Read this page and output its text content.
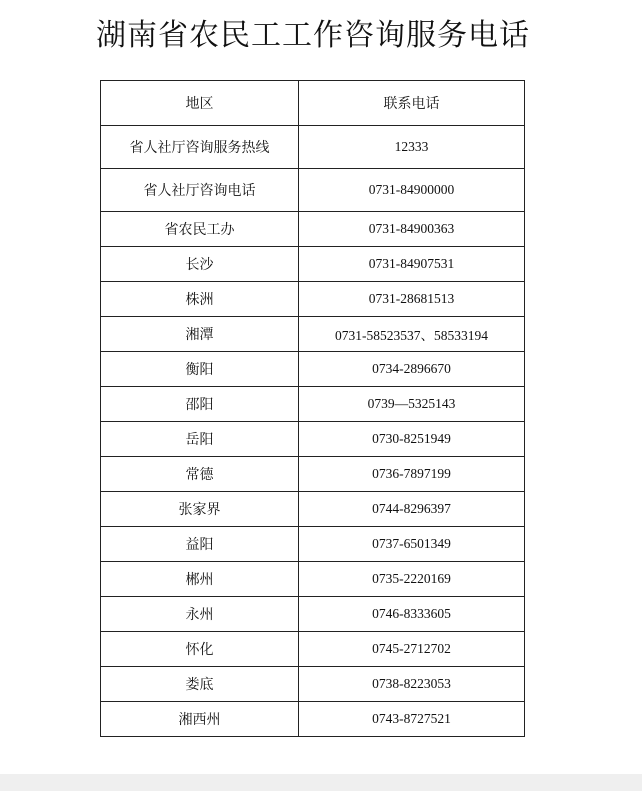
湖南省农民工工作咨询服务电话
地区	联系电话
省人社厅咨询服务热线	12333
省人社厅咨询电话	0731-84900000
省农民工办	0731-84900363
长沙	0731-84907531
株洲	0731-28681513
湘潭	0731-58523537、58533194
衡阳	0734-2896670
邵阳	0739—5325143
岳阳	0730-8251949
常德	0736-7897199
张家界	0744-8296397
益阳	0737-6501349
郴州	0735-2220169
永州	0746-8333605
怀化	0745-2712702
娄底	0738-8223053
湘西州	0743-8727521
